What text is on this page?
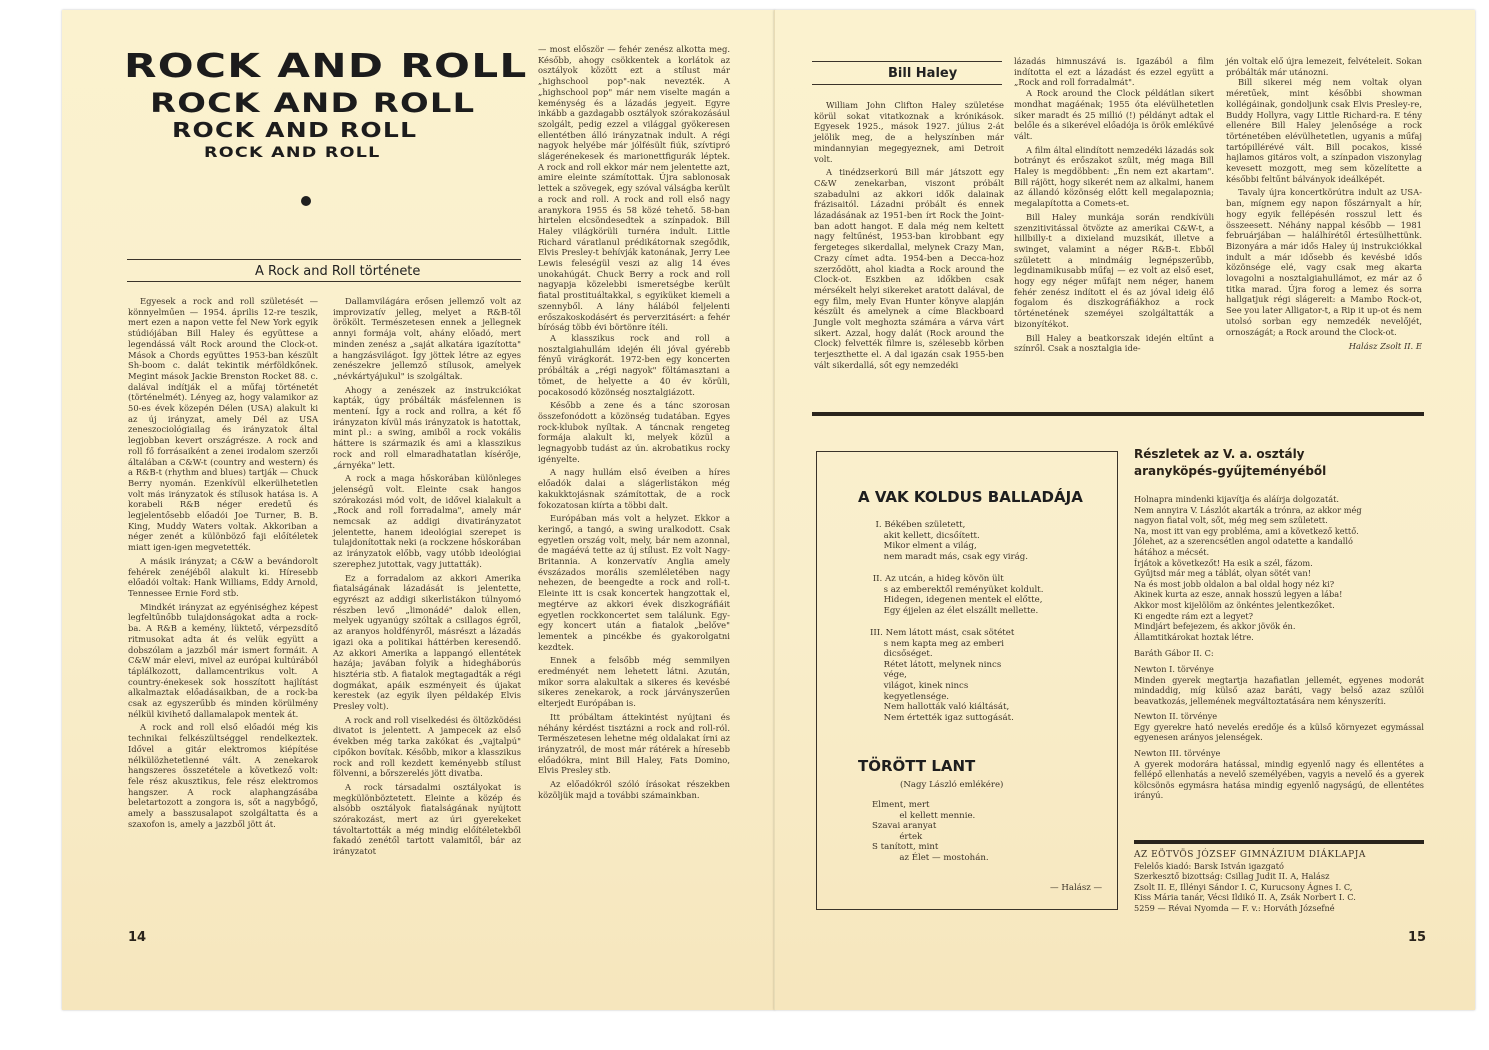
ROCK AND ROLL
ROCK AND ROLL
ROCK AND ROLL
ROCK AND ROLL
A Rock and Roll története

Egyesek a rock and roll születését — könnyelműen — 1954. április 12-re teszik, mert ezen a napon vette fel New York egyik stúdiójában Bill Haley és együttese a legendássá vált Rock around the Clock-ot. Mások a Chords együttes 1953-ban készült Sh-boom c. dalát tekintik mérföldkőnek. Megint mások Jackie Brenston Rocket 88. c. dalával indítják el a műfaj történetét (történelmét). Lényeg az, hogy valamikor az 50-es évek közepén Délen (USA) alakult ki az új irányzat, amely Dél az USA zeneszociológiailag és irányzatok által legjobban kevert országrésze. A rock and roll fő forrásaiként a zenei irodalom szerzői általában a C&W-t (country and western) és a R&B-t (rhythm and blues) tartják — Chuck Berry nyomán. Ezenkívül elkerülhetetlen volt más irányzatok és stílusok hatása is. A korabeli R&B néger eredetű és legjelentősebb előadói Joe Turner, B. B. King, Muddy Waters voltak. Akkoriban a néger zenét a különböző faji előítéletek miatt igen-igen megvetették.

A másik irányzat; a C&W a bevándorolt fehérek zenéjéből alakult ki. Híresebb előadói voltak: Hank Williams, Eddy Arnold, Tennessee Ernie Ford stb.

Mindkét irányzat az egyéniséghez képest legfeltűnőbb tulajdonságokat adta a rock-ba. A R&B a kemény, lüktető, vérpezsdítő ritmusokat adta át és velük együtt a dobszólam a jazzből már ismert formáit. A C&W már elevi, mivel az európai kultúrából táplálkozott, dallamcentrikus volt. A country-énekesek sok hosszított hajlítást alkalmaztak előadásaikban, de a rock-ba csak az egyszerűbb és minden körülmény nélkül kivihető dallamalapok mentek át.

A rock and roll első előadói még kis technikai felkészültséggel rendelkeztek. Idővel a gitár elektromos kiépítése nélkülözhetetlenné vált. A zenekarok hangszeres összetétele a következő volt: fele rész akusztikus, fele rész elektromos hangszer. A rock alaphangzásába beletartozott a zongora is, sőt a nagybőgő, amely a basszusalapot szolgáltatta és a szaxofon is, amely a jazzből jött át.

Dallamvilágára erősen jellemző volt az improvizatív jelleg, melyet a R&B-től örökölt. Természetesen ennek a jellegnek annyi formája volt, ahány előadó, mert minden zenész a „saját alkatára igazította" a hangzásvilágot. Így jöttek létre az egyes zenészekre jellemző stílusok, amelyek „névkártyájukul" is szolgáltak.

Ahogy a zenészek az instrukciókat kapták, úgy próbálták másfelennen is mentení. Így a rock and rollra, a két fő irányzaton kívül más irányzatok is hatottak, mint pl.: a swing, amiből a rock vokális háttere is származik és ami a klasszikus rock and roll elmaradhatatlan kísérője, „árnyéka" lett.

A rock a maga hőskorában különleges jelenségű volt. Eleinte csak hangos szórakozási mód volt, de idővel kialakult a „Rock and roll forradalma", amely már nemcsak az addigi divatirányzatot jelentette, hanem ideológiai szerepet is tulajdonítottak neki (a rockzene hőskorában az irányzatok előbb, vagy utóbb ideológiai szerephez jutottak, vagy juttatták).

Ez a forradalom az akkori Amerika fiatalságának lázadását is jelentette, egyrészt az addigi sikerlistákon túlnyomó részben levő „limonádé" dalok ellen, melyek ugyanúgy szóltak a csillagos égről, az aranyos holdfényről, másrészt a lázadás igazi oka a politikai háttérben keresendő. Az akkori Amerika a lappangó ellentétek hazája; javában folyik a hidegháborús hisztéria stb. A fiatalok megtagadták a régi dogmákat, apáik eszményeit és újakat kerestek (az egyik ilyen példakép Elvis Presley volt).

A rock and roll viselkedési és öltözködési divatot is jelentett. A jampecek az első években még tarka zakókat és „vajtalpú" cipőkon bovítak. Később, mikor a klasszikus rock and roll kezdett keményebb stílust fölvenni, a bőrszerelés jött divatba.

A rock társadalmi osztályokat is megkülönböztetett. Eleinte a közép és alsóbb osztályok fiatalságának nyújtott szórakozást, mert az úri gyerekeket távoltartották a még mindig előítéletekből fakadó zenétől tartott valamitől, bár az irányzatot

— most először — fehér zenész alkotta meg. Később, ahogy csökkentek a korlátok az osztályok között ezt a stílust már „highschool pop"-nak nevezték. A „highschool pop" már nem viselte magán a keménység és a lázadás jegyeit. Egyre inkább a gazdagabb osztályok szórakozásául szolgált, pedig ezzel a világgal gyökeresen ellentétben álló irányzatnak indult. A régi nagyok helyébe már jólfésült fiúk, szívtipró slágerénekesek és marionettfigurák léptek. A rock and roll ekkor már nem jelentette azt, amire eleinte számítottak. Újra sablonosak lettek a szövegek, egy szóval válságba került a rock and roll. A rock and roll első nagy aranykora 1955 és 58 közé tehető. 58-ban hirtelen elcsöndesedtek a színpadok. Bill Haley világkörüli turnéra indult. Little Richard váratlanul prédikátornak szegődik, Elvis Presley-t behívják katonának, Jerry Lee Lewis feleségül veszi az alig 14 éves unokahúgát. Chuck Berry a rock and roll nagyapja közelebbi ismeretségbe került fiatal prostituáltakkal, s egyiküket kiemeli a szennyből. A lány hálából feljelenti erőszakoskodásért és perverzitásért: a fehér bíróság több évi börtönre ítéli.

A klasszikus rock and roll a nosztalgiahullám idején éli jóval gyérebb fényű virágkorát. 1972-ben egy koncerten próbálták a „régi nagyok" föltámasztani a tömet, de helyette a 40 év körüli, pocakosodó közönség nosztalgiázott.

Később a zene és a tánc szorosan összefonódott a közönség tudatában. Egyes rock-klubok nyíltak. A táncnak rengeteg formája alakult ki, melyek közül a legnagyobb tudást az ún. akrobatikus rocky igényelte.

A nagy hullám első éveiben a híres előadók dalai a slágerlistákon még kakukktojásnak számítottak, de a rock fokozatosan kiírta a többi dalt.

Európában más volt a helyzet. Ekkor a keringő, a tangó, a swing uralkodott. Csak egyetlen ország volt, mely, bár nem azonnal, de magáévá tette az új stílust. Ez volt Nagy-Britannia. A konzervatív Anglia amely évszázados morális szemléletében nagy nehezen, de beengedte a rock and roll-t. Eleinte itt is csak koncertek hangzottak el, megtérve az akkori évek diszkográfiáit egyetlen rockkoncertet sem találunk. Egy-egy koncert után a fiatalok „belőve" lementek a pincékbe és gyakorolgatni kezdtek.

Ennek a felsőbb még semmilyen eredményét nem lehetett látni. Azután, mikor sorra alakultak a sikeres és kevésbé sikeres zenekarok, a rock járványszerűen elterjedt Európában is.

Itt próbáltam áttekintést nyújtani és néhány kérdést tisztázni a rock and roll-ról. Természetesen lehetne még oldalakat írni az irányzatról, de most már rátérek a híresebb előadókra, mint Bill Haley, Fats Domino, Elvis Presley stb.

Az előadókról szóló írásokat részekben közöljük majd a további számainkban.

14
Bill Haley

William John Clifton Haley születése körül sokat vitatkoznak a krónikások. Egyesek 1925., mások 1927. július 2-át jelölik meg, de a helyszínben már mindannyian megegyeznek, ami Detroit volt.

A tinédzserkorú Bill már játszott egy C&W zenekarban, viszont próbált szabadulni az akkori idők dalainak frázisaitól. Lázadni próbált és ennek lázadásának az 1951-ben írt Rock the Joint-ban adott hangot. E dala még nem keltett nagy feltűnést, 1953-ban kirobbant egy fergeteges sikerdallal, melynek Crazy Man, Crazy címet adta. 1954-ben a Decca-hoz szerződött, ahol kiadta a Rock around the Clock-ot. Eszkben az időkben csak mérsékelt helyi sikereket aratott dalával, de egy film, mely Evan Hunter könyve alapján készült és amelynek a címe Blackboard Jungle volt meghozta számára a várva várt sikert. Azzal, hogy dalát (Rock around the Clock) felvették filmre is, szélesebb körben terjeszthette el. A dal igazán csak 1955-ben vált sikerdallá, sőt egy nemzedéki

lázadás himnuszává is. Igazából a film indította el ezt a lázadást és ezzel együtt a „Rock and roll forradalmát".

A Rock around the Clock példátlan sikert mondhat magáénak; 1955 óta elévülhetetlen siker maradt és 25 millió (!) példányt adtak el belőle és a sikerével előadója is örök emlékűvé vált.

A film által elindított nemzedéki lázadás sok botrányt és erőszakot szült, még maga Bill Haley is megdöbbent: „Én nem ezt akartam". Bill rájött, hogy sikerét nem az alkalmi, hanem az állandó közönség előtt kell megalapoznia; megalapította a Comets-et.

Bill Haley munkája során rendkívüli szenzitivitással ötvözte az amerikai C&W-t, a hillbilly-t a dixieland muzsikát, illetve a swinget, valamint a néger R&B-t. Ebből született a mindmáig legnépszerűbb, legdinamikusabb műfaj — ez volt az első eset, hogy egy néger műfajt nem néger, hanem fehér zenész indított el és az jóval ideig élő fogalom és diszkográfiákhoz a rock történetének szeméyei szolgáltatták a bizonyítékot.

Bill Haley a beatkorszak idején eltűnt a színről. Csak a nosztalgia ide-

jén voltak elő újra lemezeit, felvételeit. Sokan próbálták már utánozni.

Bill sikerei még nem voltak olyan méretűek, mint későbbi showman kollégáinak, gondoljunk csak Elvis Presley-re, Buddy Hollyra, vagy Little Richard-ra. E tény ellenére Bill Haley jelenősége a rock történetében elévülhetetlen, ugyanis a műfaj tartópillérévé vált. Bill pocakos, kissé hajlamos gitáros volt, a színpadon viszonylag kevesett mozgott, meg sem közelítette a későbbi feltűnt bálványok ideálképét.

Tavaly újra koncertkörútra indult az USA-ban, mígnem egy napon főszárnyalt a hír, hogy egyik fellépésén rosszul lett és összeesett. Néhány nappal később — 1981 februárjában — halálhírétől értesülhettünk. Bizonyára a már idős Haley új instrukciókkal indult a már idősebb és kevésbé idős közönsége elé, vagy csak meg akarta lovagolni a nosztalgiahullámot, ez már az ő titka marad. Újra forog a lemez és sorra hallgatjuk régi slágereit: a Mambo Rock-ot, See you later Alligator-t, a Rip it up-ot és nem utolsó sorban egy nemzedék nevelőjét, ornoszágát; a Rock around the Clock-ot.

Halász Zsolt II. E
A VAK KOLDUS BALLADÁJA
I. Békében született,
akit kellett, dicsőített.
Mikor elment a világ,
nem maradt más, csak egy virág.
II. Az utcán, a hideg kövön ült
s az emberektől reményüket koldult.
Hidegen, idegenen mentek el előtte,
Egy éjjelen az élet elszállt mellette.
III. Nem látott mást, csak sötétet
s nem kapta meg az emberi
dicsőséget.
Rétet látott, melynek nincs
vége,
világot, kinek nincs
kegyetlensége.
Nem hallották való kiáltását,
Nem értették igaz suttogását.
TÖRÖTT LANT
(Nagy László emlékére)
Elment, mert
el kellett mennie.
Szavai aranyat
értek
S tanított, mint
az Élet — mostohán.
— Halász —
Részletek az V. a. osztály
aranyköpés-gyűjteményéből
Holnapra mindenki kijavítja és aláírja dolgozatát.
Nem annyira V. Lászlót akarták a trónra, az akkor még
nagyon fiatal volt, sőt, még meg sem született.
Na, most itt van egy probléma, ami a következő kettő.
Jólehet, az a szerencsétlen angol odatette a kandalló
hátához a mécsét.
Írjátok a következőt! Ha esik a szél, fázom.
Gyűjtsd már meg a táblát, olyan sötét van!
Na és most jobb oldalon a bal oldal hogy néz ki?
Akinek kurta az esze, annak hosszú legyen a lába!
Akkor most kijelölöm az önkéntes jelentkezőket.
Ki engedte rám ezt a legyet?
Mindjárt befejezem, és akkor jövök én.
Államtitkárokat hoztak létre.
Baráth Gábor II. C:
Newton I. törvénye
Minden gyerek megtartja hazafiatlan jellemét, egyenes modorát mindaddig, míg külső azaz baráti, vagy belső azaz szülői beavatkozás, jellemének megváltoztatására nem kényszeríti.
Newton II. törvénye
Egy gyerekre ható nevelés eredője és a külső környezet egymással egyenesen arányos jelenségek.
Newton III. törvénye
A gyerek modorára hatással, mindig egyenlő nagy és ellentétes a fellépő ellenhatás a nevelő személyében, vagyis a nevelő és a gyerek kölcsönös egymásra hatása mindig egyenlő nagyságú, de ellentétes irányú.
AZ EÖTVÖS JÓZSEF GIMNÁZIUM DIÁKLAPJA
Felelős kiadó: Barsk István igazgató
Szerkesztő bizottság: Csillag Judit II. A, Halász
Zsolt II. E, Illényi Sándor I. C, Kurucsony Ágnes I. C,
Kiss Mária tanár, Vécsi Ildikó II. A, Zsák Norbert I. C.
5259 — Révai Nyomda — F. v.: Horváth Józsefné
15
